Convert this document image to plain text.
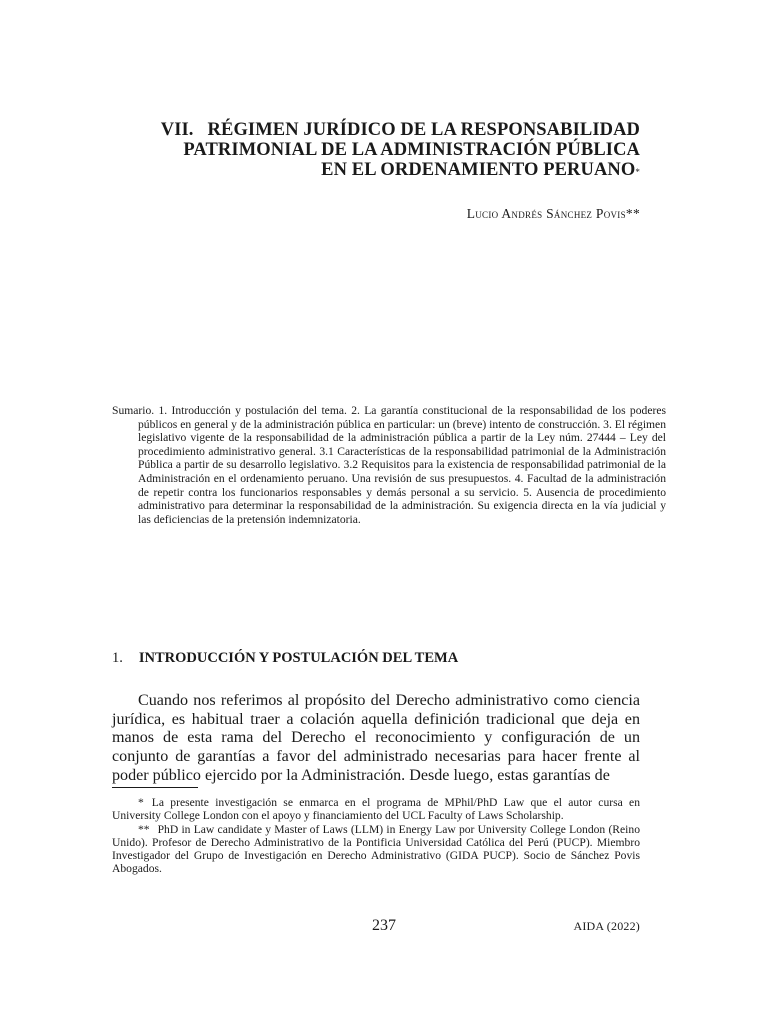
VII. RÉGIMEN JURÍDICO DE LA RESPONSABILIDAD
PATRIMONIAL DE LA ADMINISTRACIÓN PÚBLICA
EN EL ORDENAMIENTO PERUANO*
Lucio Andrés Sánchez Povis**
Sumario. 1. Introducción y postulación del tema. 2. La garantía constitucional de la responsabilidad de los poderes públicos en general y de la administración pública en particular: un (breve) intento de construcción. 3. El régimen legislativo vigente de la responsabilidad de la administración pública a partir de la Ley núm. 27444 – Ley del procedimiento administrativo general. 3.1 Características de la responsabilidad patrimonial de la Administración Pública a partir de su desarrollo legislativo. 3.2 Requisitos para la existencia de responsabilidad patrimonial de la Administración en el ordenamiento peruano. Una revisión de sus presupuestos. 4. Facultad de la administración de repetir contra los funcionarios responsables y demás personal a su servicio. 5. Ausencia de procedimiento administrativo para determinar la responsabilidad de la administración. Su exigencia directa en la vía judicial y las deficiencias de la pretensión indemnizatoria.
1. INTRODUCCIÓN Y POSTULACIÓN DEL TEMA
Cuando nos referimos al propósito del Derecho administrativo como ciencia jurídica, es habitual traer a colación aquella definición tradicional que deja en manos de esta rama del Derecho el reconocimiento y configuración de un conjunto de garantías a favor del administrado necesarias para hacer frente al poder público ejercido por la Administración. Desde luego, estas garantías de

* La presente investigación se enmarca en el programa de MPhil/PhD Law que el autor cursa en University College London con el apoyo y financiamiento del UCL Faculty of Laws Scholarship.

** PhD in Law candidate y Master of Laws (LLM) in Energy Law por University College London (Reino Unido). Profesor de Derecho Administrativo de la Pontificia Universidad Católica del Perú (PUCP). Miembro Investigador del Grupo de Investigación en Derecho Administrativo (GIDA PUCP). Socio de Sánchez Povis Abogados.

237	AIDA (2022)
